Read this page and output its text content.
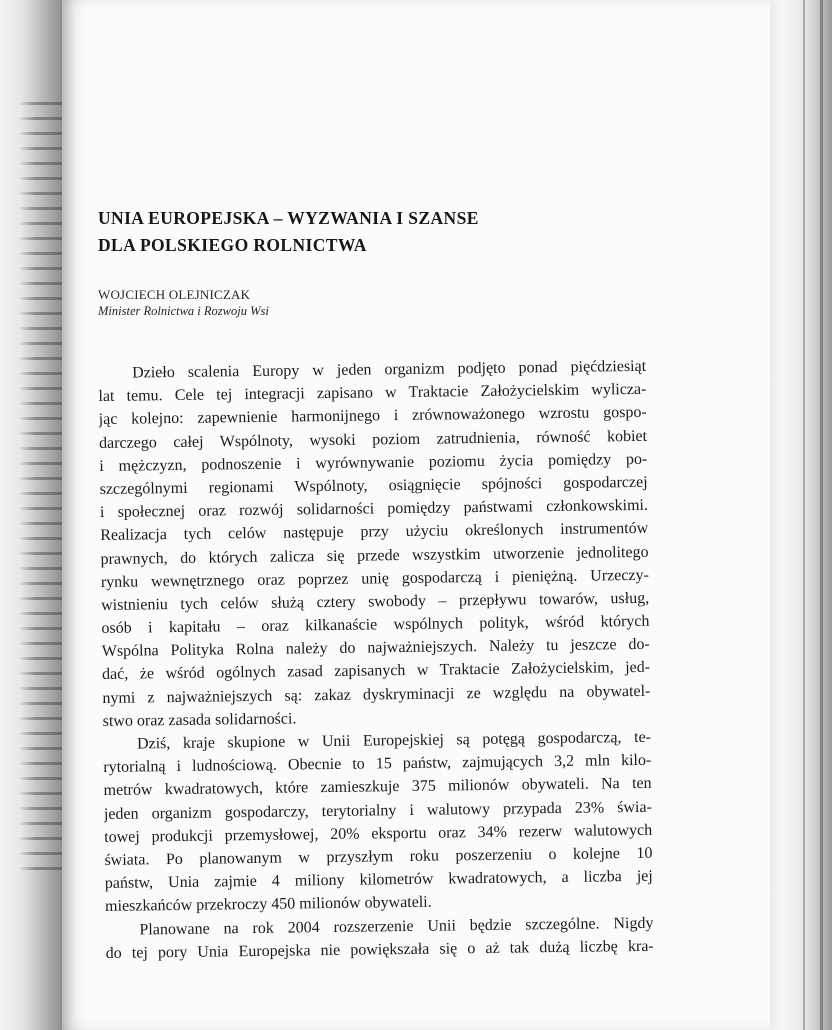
UNIA EUROPEJSKA – WYZWANIA I SZANSE
DLA POLSKIEGO ROLNICTWA
WOJCIECH OLEJNICZAK
Minister Rolnictwa i Rozwoju Wsi
Dzieło scalenia Europy w jeden organizm podjęto ponad pięćdziesiąt
lat temu. Cele tej integracji zapisano w Traktacie Założycielskim wylicza-
jąc kolejno: zapewnienie harmonijnego i zrównoważonego wzrostu gospo-
darczego całej Wspólnoty, wysoki poziom zatrudnienia, równość kobiet
i mężczyzn, podnoszenie i wyrównywanie poziomu życia pomiędzy po-
szczególnymi regionami Wspólnoty, osiągnięcie spójności gospodarczej
i społecznej oraz rozwój solidarności pomiędzy państwami członkowskimi.
Realizacja tych celów następuje przy użyciu określonych instrumentów
prawnych, do których zalicza się przede wszystkim utworzenie jednolitego
rynku wewnętrznego oraz poprzez unię gospodarczą i pieniężną. Urzeczy-
wistnieniu tych celów służą cztery swobody – przepływu towarów, usług,
osób i kapitału – oraz kilkanaście wspólnych polityk, wśród których
Wspólna Polityka Rolna należy do najważniejszych. Należy tu jeszcze do-
dać, że wśród ogólnych zasad zapisanych w Traktacie Założycielskim, jed-
nymi z najważniejszych są: zakaz dyskryminacji ze względu na obywatel-
stwo oraz zasada solidarności.
Dziś, kraje skupione w Unii Europejskiej są potęgą gospodarczą, te-
rytorialną i ludnościową. Obecnie to 15 państw, zajmujących 3,2 mln kilo-
metrów kwadratowych, które zamieszkuje 375 milionów obywateli. Na ten
jeden organizm gospodarczy, terytorialny i walutowy przypada 23% świa-
towej produkcji przemysłowej, 20% eksportu oraz 34% rezerw walutowych
świata. Po planowanym w przyszłym roku poszerzeniu o kolejne 10
państw, Unia zajmie 4 miliony kilometrów kwadratowych, a liczba jej
mieszkańców przekroczy 450 milionów obywateli.
Planowane na rok 2004 rozszerzenie Unii będzie szczególne. Nigdy
do tej pory Unia Europejska nie powiększała się o aż tak dużą liczbę kra-
